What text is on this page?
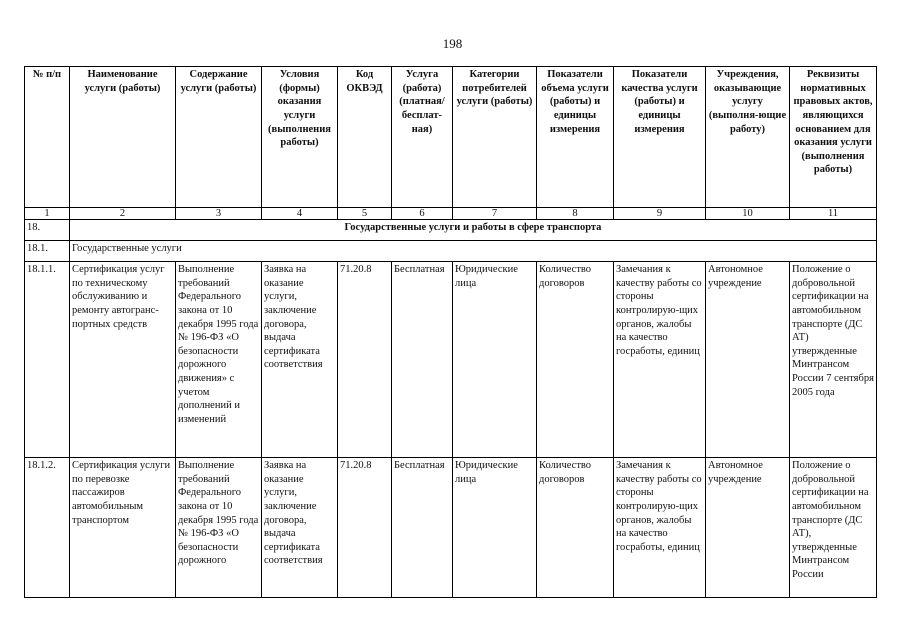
198
№ п/п	Наименование услуги (работы)	Содержание услуги (работы)	Условия (формы) оказания услуги (выполнения работы)	Код ОКВЭД	Услуга (работа) (платная/ бесплат-ная)	Категории потребителей услуги (работы)	Показатели объема услуги (работы) и единицы измерения	Показатели качества услуги (работы) и единицы измерения	Учреждения, оказывающие услугу (выполня-ющие работу)	Реквизиты нормативных правовых актов, являющихся основанием для оказания услуги (выполнения работы)
1	2	3	4	5	6	7	8	9	10	11
18.	Государственные услуги и работы в сфере транспорта									
18.1.	Государственные услуги									
18.1.1.	Сертификация услуг по техническому обслуживанию и ремонту автогранс-портных средств	Выполнение требований Федерального закона от 10 декабря 1995 года № 196-ФЗ «О безопасности дорожного движения» с учетом дополнений и изменений	Заявка на оказание услуги, заключение договора, выдача сертификата соответствия	71.20.8	Бесплатная	Юридические лица	Количество договоров	Замечания к качеству работы со стороны контролирую-щих органов, жалобы на качество госработы, единиц	Автономное учреждение	Положение о добровольной сертификации на автомобильном транспорте (ДС АТ) утвержденные Минтрансом России 7 сентября 2005 года
18.1.2.	Сертификация услуги по перевозке пассажиров автомобильным транспортом	Выполнение требований Федерального закона от 10 декабря 1995 года № 196-ФЗ «О безопасности дорожного	Заявка на оказание услуги, заключение договора, выдача сертификата соответствия	71.20.8	Бесплатная	Юридические лица	Количество договоров	Замечания к качеству работы со стороны контролирую-щих органов, жалобы на качество госработы, единиц	Автономное учреждение	Положение о добровольной сертификации на автомобильном транспорте (ДС АТ), утвержденные Минтрансом России
